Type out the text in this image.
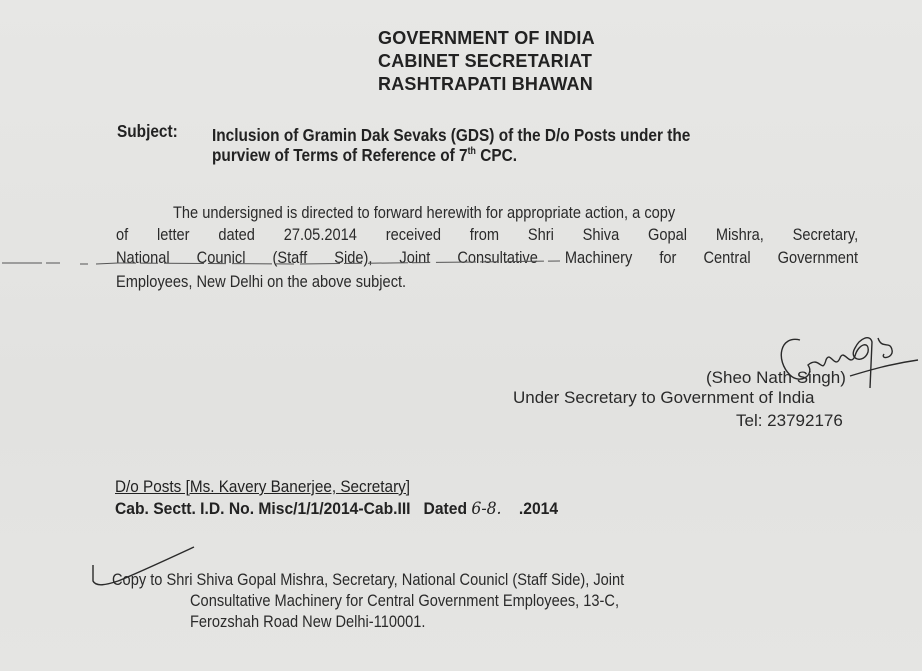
GOVERNMENT OF INDIA
CABINET SECRETARIAT
RASHTRAPATI BHAWAN
Subject: Inclusion of Gramin Dak Sevaks (GDS) of the D/o Posts under the
purview of Terms of Reference of 7th CPC.
The undersigned is directed to forward herewith for appropriate action, a copy
of letter dated 27.05.2014 received from Shri Shiva Gopal Mishra, Secretary,
National Counicl (Staff Side), Joint Consultative Machinery for Central Government
Employees, New Delhi on the above subject.
(Sheo Nath Singh)
Under Secretary to Government of India
Tel: 23792176
D/o Posts [Ms. Kavery Banerjee, Secretary]
Cab. Sectt. I.D. No. Misc/1/1/2014-Cab.III Dated 6-8. .2014
Copy to Shri Shiva Gopal Mishra, Secretary, National Counicl (Staff Side), Joint
Consultative Machinery for Central Government Employees, 13-C,
Ferozshah Road New Delhi-110001.
